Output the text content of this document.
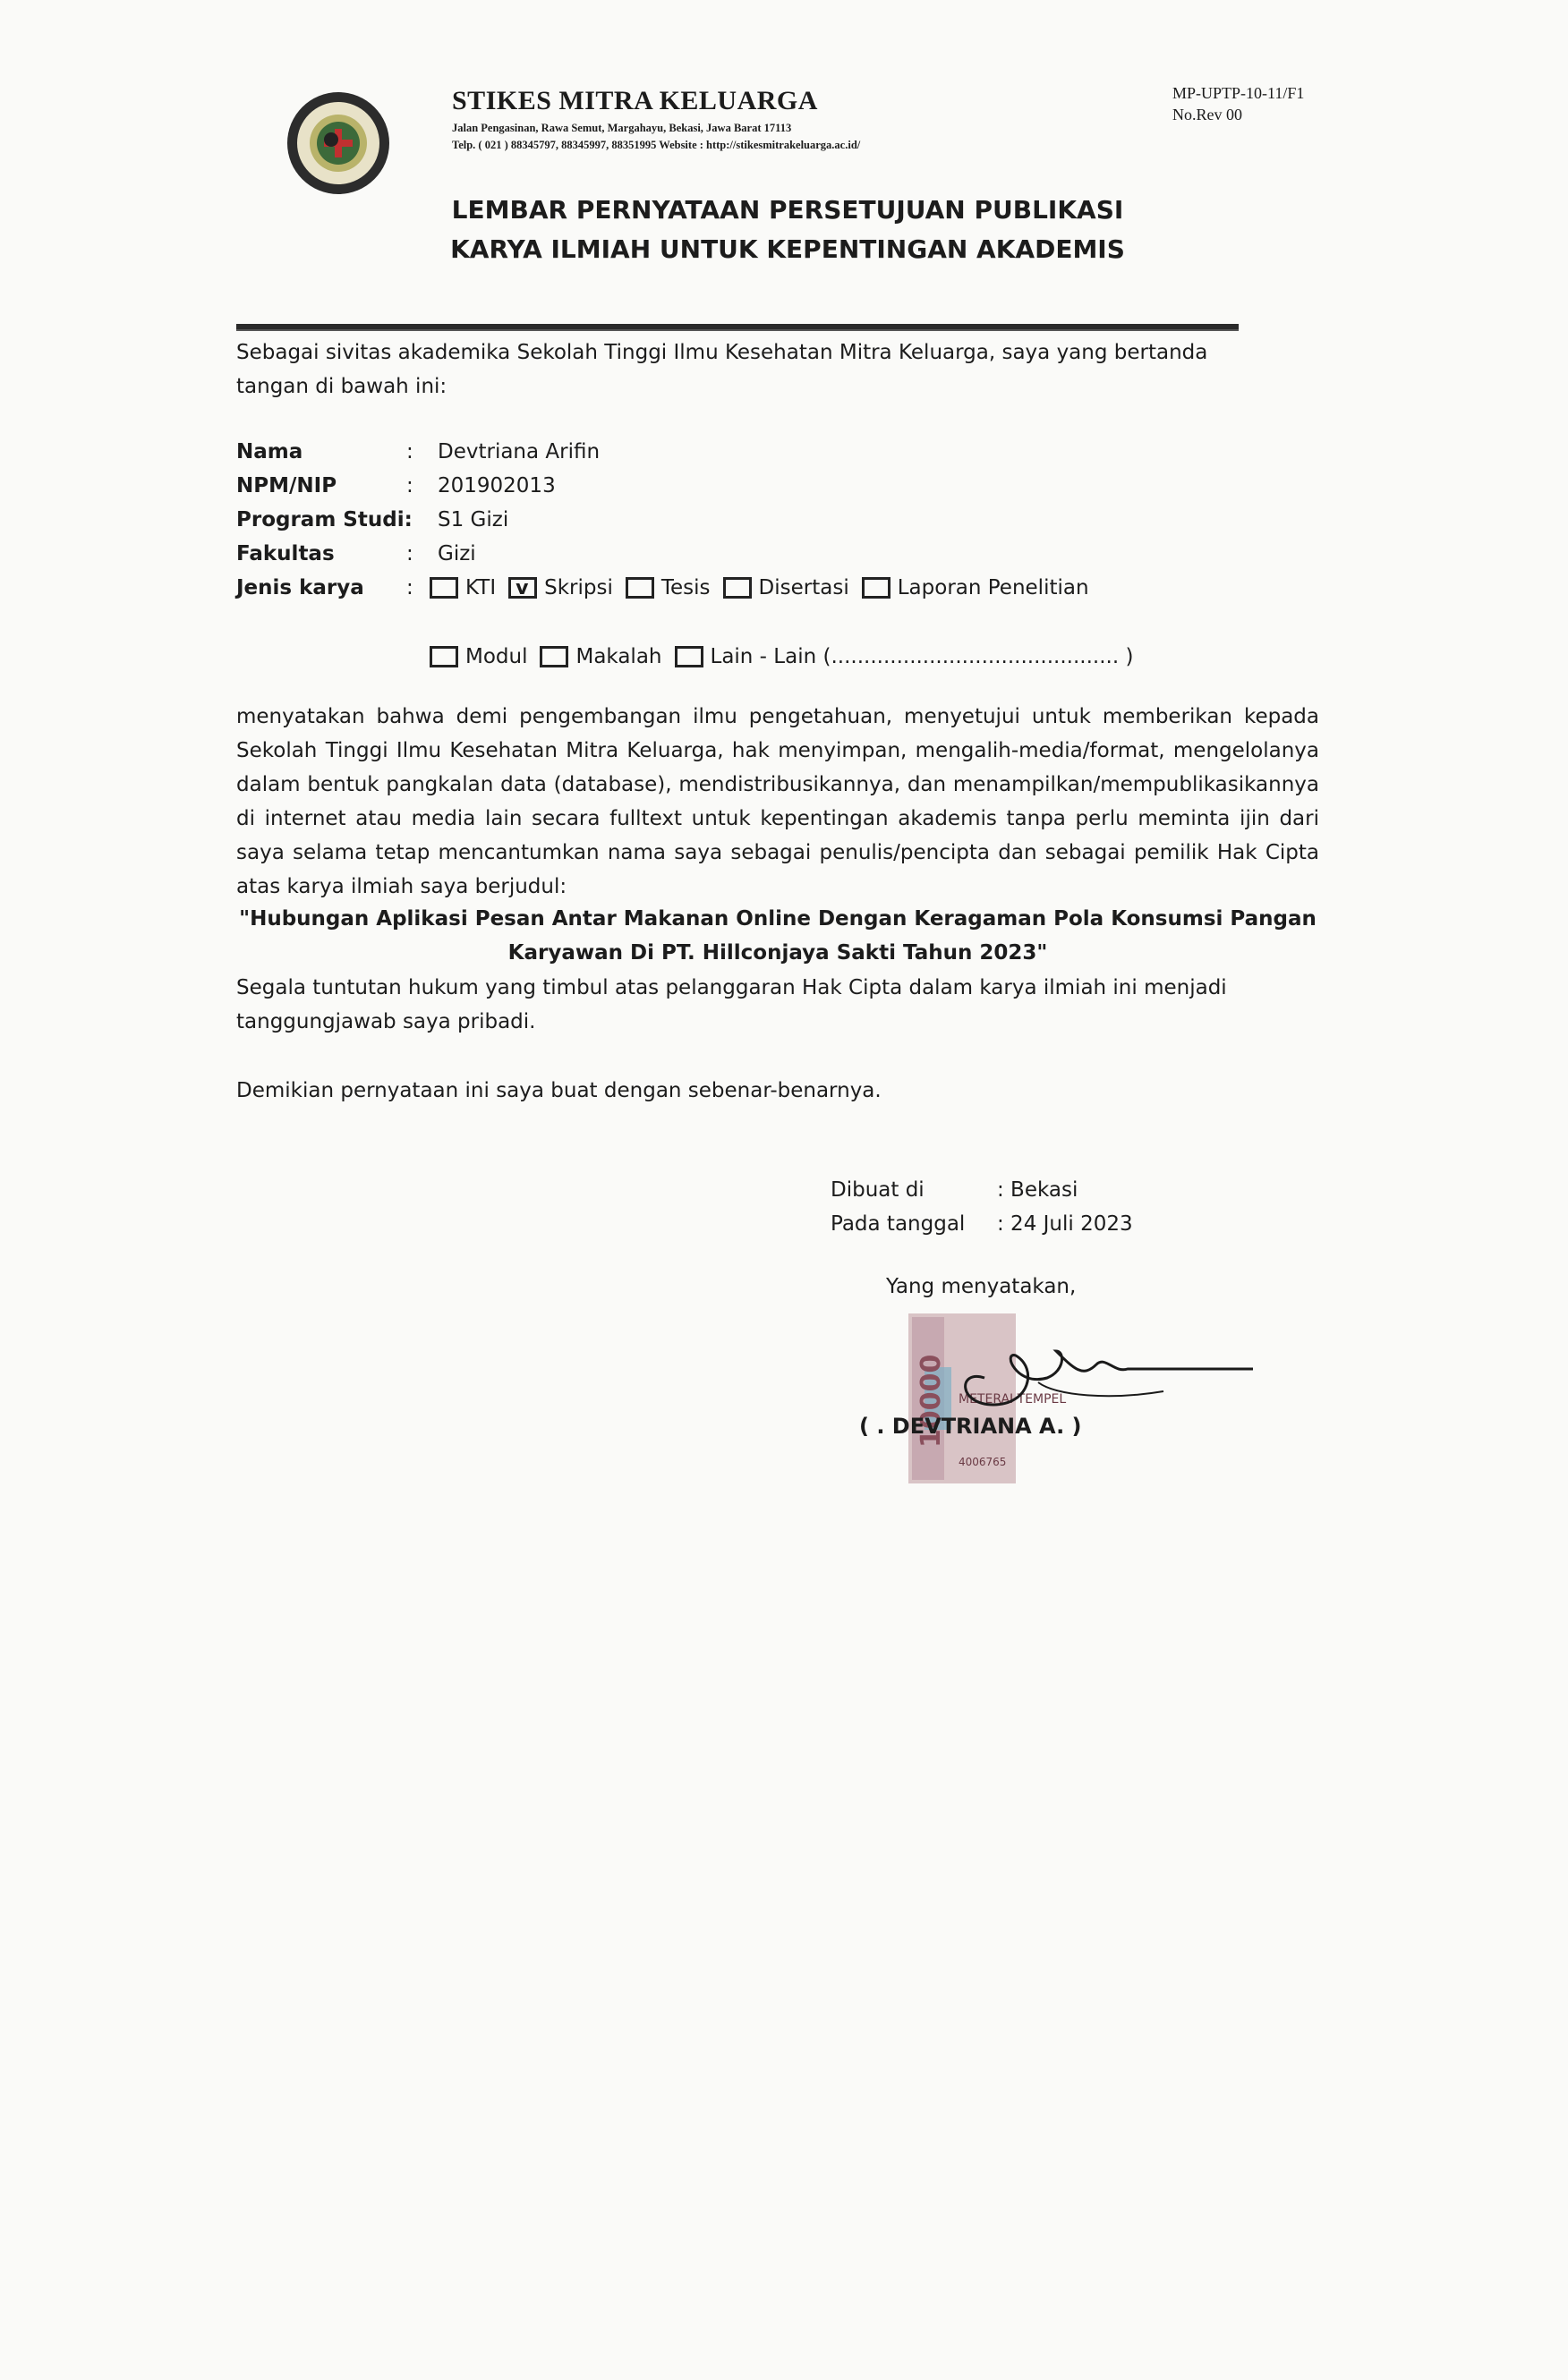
STIKES MITRA KELUARGA
Jalan Pengasinan, Rawa Semut, Margahayu, Bekasi, Jawa Barat 17113
Telp. ( 021 ) 88345797, 88345997, 88351995 Website : http://stikesmitrakeluarga.ac.id/
MP-UPTP-10-11/F1
No.Rev 00
LEMBAR PERNYATAAN PERSETUJUAN PUBLIKASI
KARYA ILMIAH UNTUK KEPENTINGAN AKADEMIS
Sebagai sivitas akademika Sekolah Tinggi Ilmu Kesehatan Mitra Keluarga, saya yang bertanda tangan di bawah ini:
Nama	: Devtriana Arifin
NPM/NIP	: 201902013
Program Studi: S1 Gizi
Fakultas	: Gizi
Jenis karya :	KTI v Skripsi Tesis Disertasi Laporan Penelitian
Modul Makalah Lain - Lain (............................................ )
menyatakan bahwa demi pengembangan ilmu pengetahuan, menyetujui untuk memberikan kepada Sekolah Tinggi Ilmu Kesehatan Mitra Keluarga, hak menyimpan, mengalih-media/format, mengelolanya dalam bentuk pangkalan data (database), mendistribusikannya, dan menampilkan/mempublikasikannya di internet atau media lain secara fulltext untuk kepentingan akademis tanpa perlu meminta ijin dari saya selama tetap mencantumkan nama saya sebagai penulis/pencipta dan sebagai pemilik Hak Cipta atas karya ilmiah saya berjudul:
"Hubungan Aplikasi Pesan Antar Makanan Online Dengan Keragaman Pola Konsumsi Pangan Karyawan Di PT. Hillconjaya Sakti Tahun 2023"
Segala tuntutan hukum yang timbul atas pelanggaran Hak Cipta dalam karya ilmiah ini menjadi tanggungjawab saya pribadi.
Demikian pernyataan ini saya buat dengan sebenar-benarnya.
Dibuat di	: Bekasi
Pada tanggal : 24 Juli 2023
Yang menyatakan,
10000 METERAI TEMPEL
4006765
( . DEVTRIANA A. )
